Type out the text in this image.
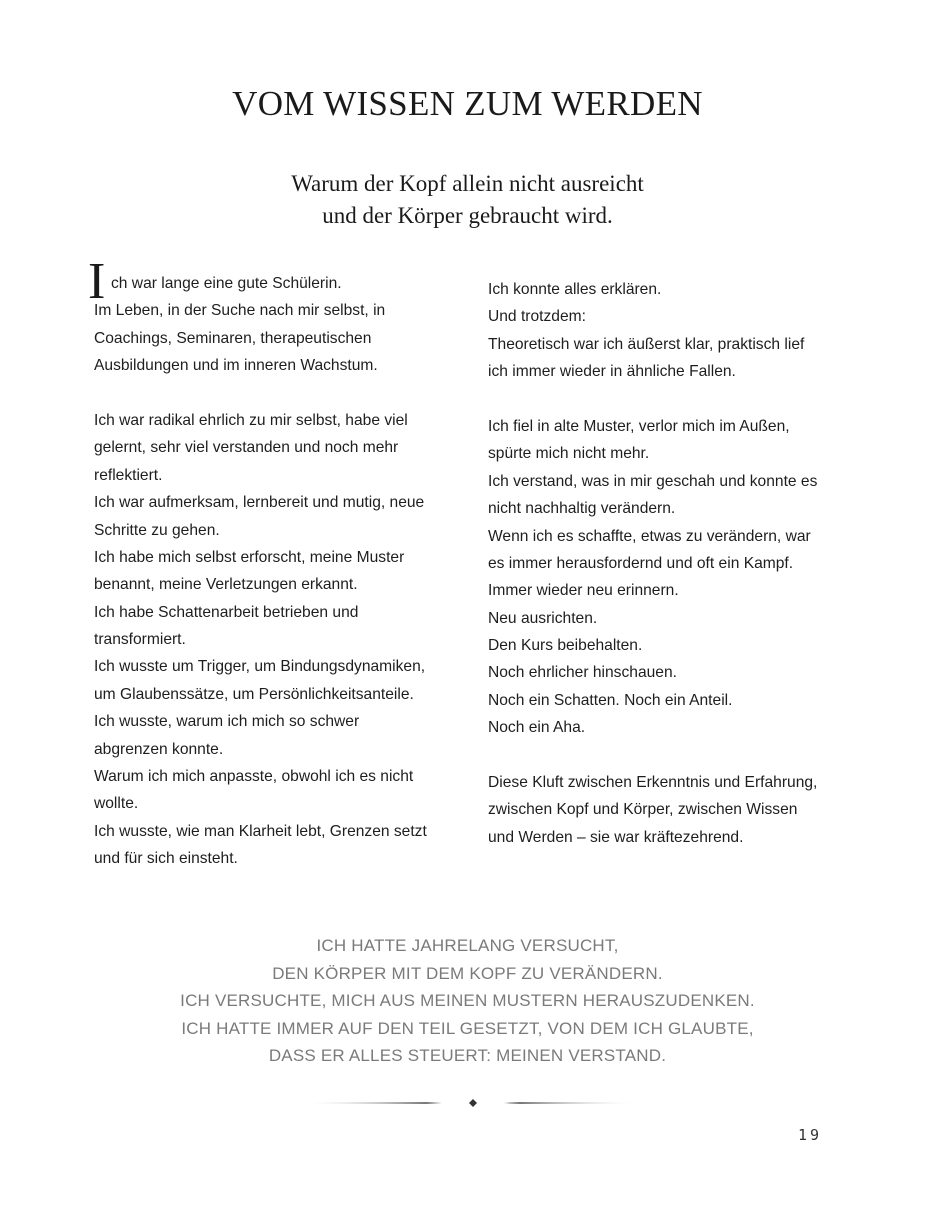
VOM WISSEN ZUM WERDEN
Warum der Kopf allein nicht ausreicht
und der Körper gebraucht wird.
I ch war lange eine gute Schülerin.
Im Leben, in der Suche nach mir selbst, in
Coachings, Seminaren, therapeutischen
Ausbildungen und im inneren Wachstum.
Ich war radikal ehrlich zu mir selbst, habe viel
gelernt, sehr viel verstanden und noch mehr
reflektiert.
Ich war aufmerksam, lernbereit und mutig, neue
Schritte zu gehen.
Ich habe mich selbst erforscht, meine Muster
benannt, meine Verletzungen erkannt.
Ich habe Schattenarbeit betrieben und
transformiert.
Ich wusste um Trigger, um Bindungsdynamiken,
um Glaubenssätze, um Persönlichkeitsanteile.
Ich wusste, warum ich mich so schwer
abgrenzen konnte.
Warum ich mich anpasste, obwohl ich es nicht
wollte.
Ich wusste, wie man Klarheit lebt, Grenzen setzt
und für sich einsteht.
Ich konnte alles erklären.
Und trotzdem:
Theoretisch war ich äußerst klar, praktisch lief
ich immer wieder in ähnliche Fallen.
Ich fiel in alte Muster, verlor mich im Außen,
spürte mich nicht mehr.
Ich verstand, was in mir geschah und konnte es
nicht nachhaltig verändern.
Wenn ich es schaffte, etwas zu verändern, war
es immer herausfordernd und oft ein Kampf.
Immer wieder neu erinnern.
Neu ausrichten.
Den Kurs beibehalten.
Noch ehrlicher hinschauen.
Noch ein Schatten. Noch ein Anteil.
Noch ein Aha.
Diese Kluft zwischen Erkenntnis und Erfahrung,
zwischen Kopf und Körper, zwischen Wissen
und Werden – sie war kräftezehrend.
ICH HATTE JAHRELANG VERSUCHT,
DEN KÖRPER MIT DEM KOPF ZU VERÄNDERN.
ICH VERSUCHTE, MICH AUS MEINEN MUSTERN HERAUSZUDENKEN.
ICH HATTE IMMER AUF DEN TEIL GESETZT, VON DEM ICH GLAUBTE,
DASS ER ALLES STEUERT: MEINEN VERSTAND.
19
